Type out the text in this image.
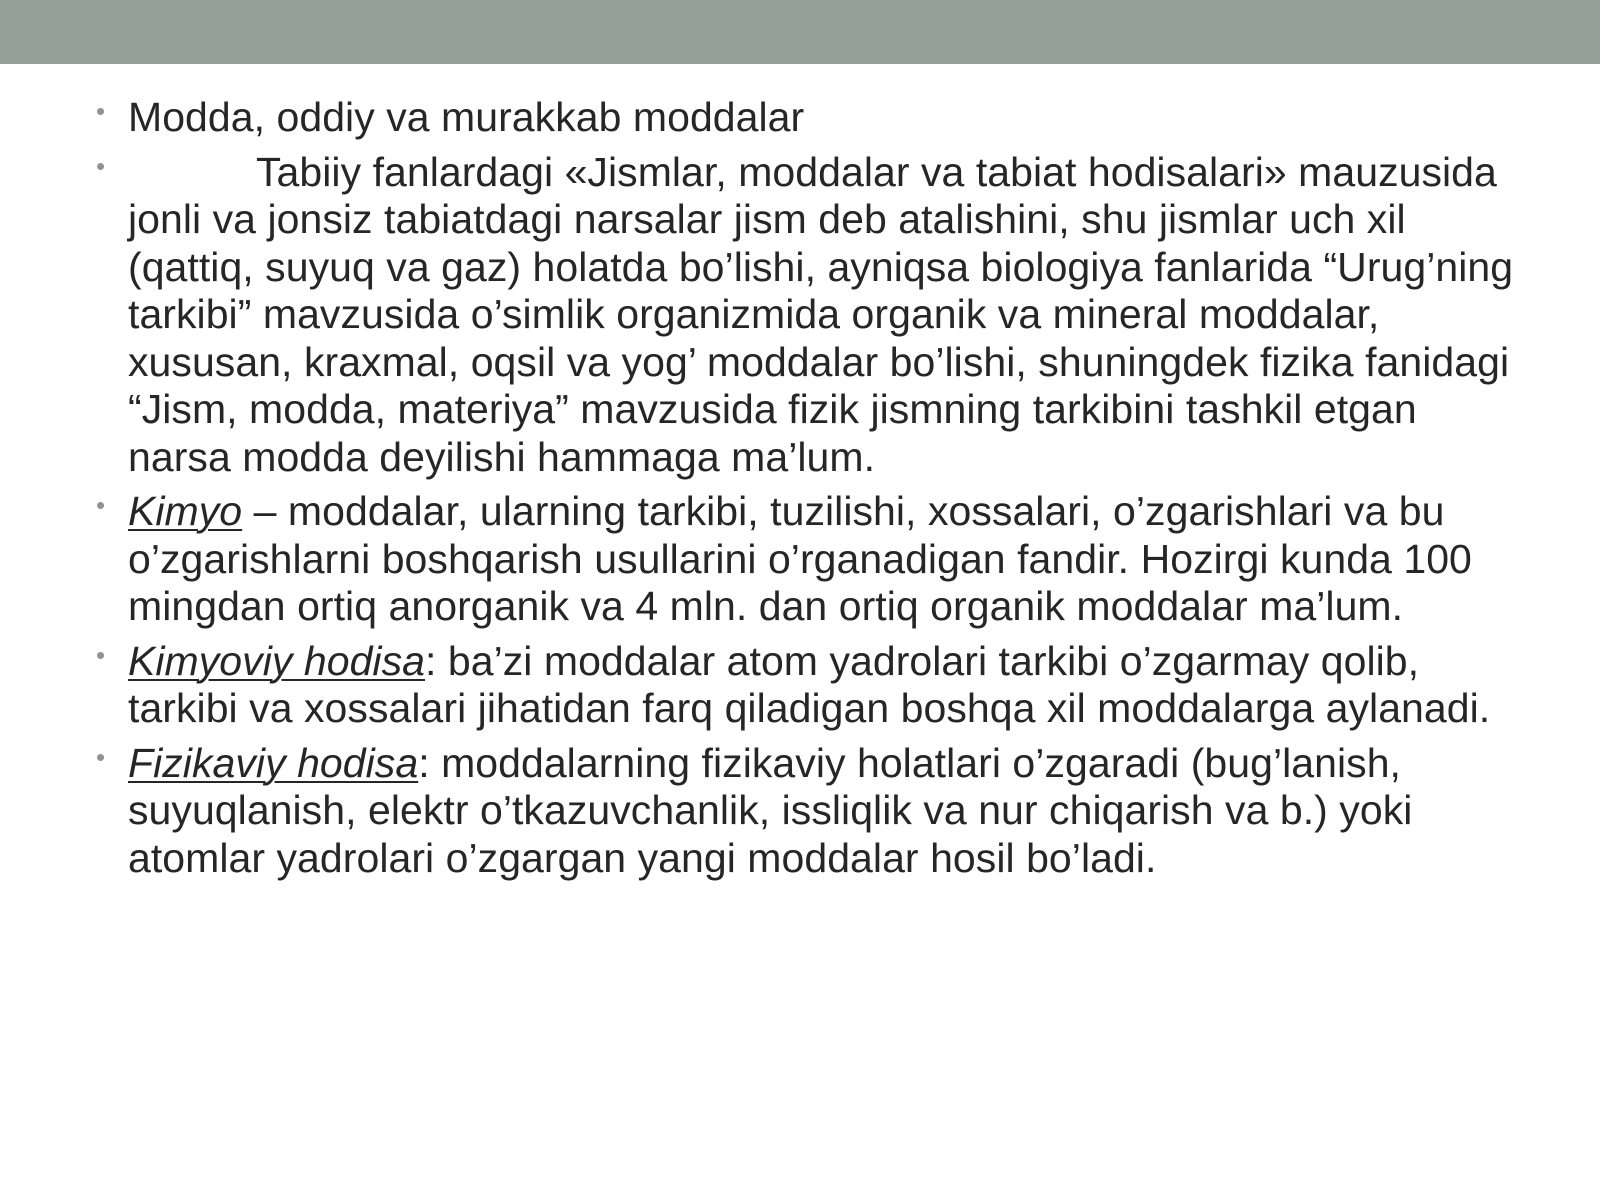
• Modda, oddiy va murakkab moddalar
•	Tabiiy fanlardagi «Jismlar, moddalar va tabiat hodisalari» mauzusida jonli va jonsiz tabiatdagi narsalar jism deb atalishini, shu jismlar uch xil (qattiq, suyuq va gaz) holatda bo’lishi, ayniqsa biologiya fanlarida “Urug’ning tarkibi” mavzusida o’simlik organizmida organik va mineral moddalar, xususan, kraxmal, oqsil va yog’ moddalar bo’lishi, shuningdek fizika fanidagi “Jism, modda, materiya” mavzusida fizik jismning tarkibini tashkil etgan narsa modda deyilishi hammaga ma’lum.
• Kimyo – moddalar, ularning tarkibi, tuzilishi, xossalari, o’zgarishlari va bu o’zgarishlarni boshqarish usullarini o’rganadigan fandir. Hozirgi kunda 100 mingdan ortiq anorganik va 4 mln. dan ortiq organik moddalar ma’lum.
• Kimyoviy hodisa: ba’zi moddalar atom yadrolari tarkibi o’zgarmay qolib, tarkibi va xossalari jihatidan farq qiladigan boshqa xil moddalarga aylanadi.
• Fizikaviy hodisa: moddalarning fizikaviy holatlari o’zgaradi (bug’lanish, suyuqlanish, elektr o’tkazuvchanlik, issliqlik va nur chiqarish va b.) yoki atomlar yadrolari o’zgargan yangi moddalar hosil bo’ladi.
